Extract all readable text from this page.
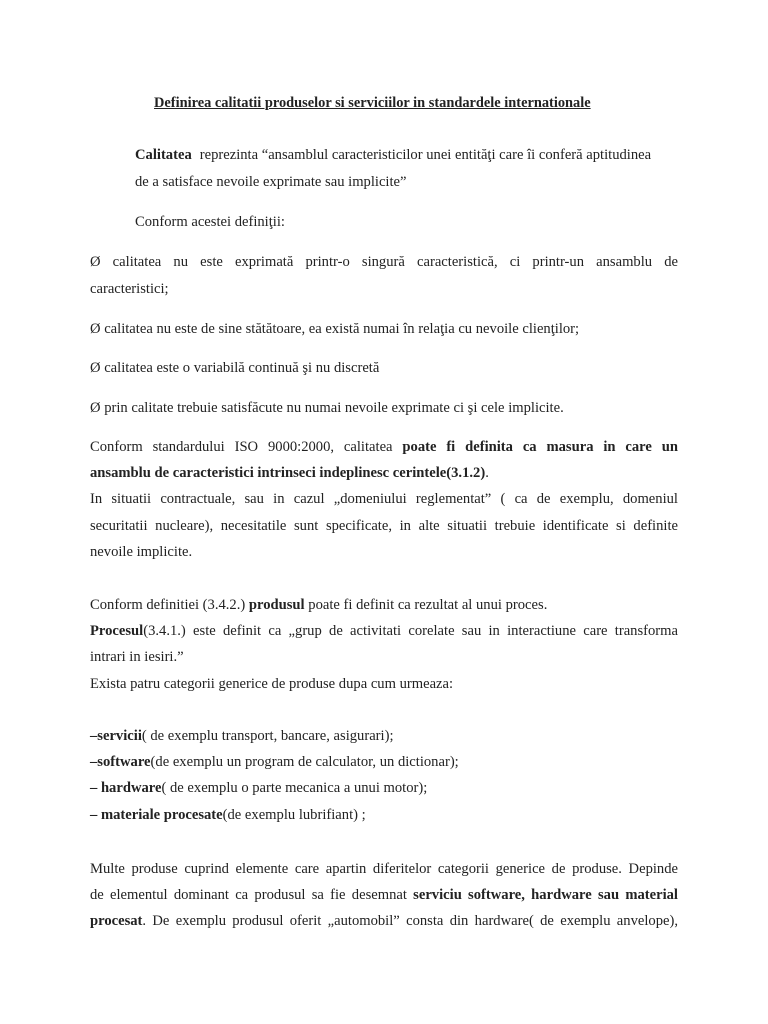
Definirea calitatii produselor si serviciilor in standardele internationale
Calitatea reprezinta “ansamblul caracteristicilor unei entităţi care îi conferă aptitudinea
de a satisface nevoile exprimate sau implicite”
Conform acestei definiţii:
Ø calitatea nu este exprimată printr-o singură caracteristică, ci printr-un ansamblu de
caracteristici;
Ø calitatea nu este de sine stătătoare, ea există numai în relaţia cu nevoile clienţilor;
Ø calitatea este o variabilă continuă şi nu discretă
Ø prin calitate trebuie satisfăcute nu numai nevoile exprimate ci şi cele implicite.
Conform standardului ISO 9000:2000, calitatea poate fi definita ca masura in care un
ansamblu de caracteristici intrinseci indeplinesc cerintele(3.1.2).
In situatii contractuale, sau in cazul „domeniului reglementat” ( ca de exemplu, domeniul
securitatii nucleare), necesitatile sunt specificate, in alte situatii trebuie identificate si definite
nevoile implicite.
Conform definitiei (3.4.2.) produsul poate fi definit ca rezultat al unui proces.
Procesul(3.4.1.) este definit ca „grup de activitati corelate sau in interactiune care transforma
intrari in iesiri.”
Exista patru categorii generice de produse dupa cum urmeaza:
–servicii( de exemplu transport, bancare, asigurari);
–software(de exemplu un program de calculator, un dictionar);
– hardware( de exemplu o parte mecanica a unui motor);
– materiale procesate(de exemplu lubrifiant) ;
Multe produse cuprind elemente care apartin diferitelor categorii generice de produse. Depinde
de elementul dominant ca produsul sa fie desemnat serviciu software, hardware sau material
procesat. De exemplu produsul oferit „automobil” consta din hardware( de exemplu anvelope),
